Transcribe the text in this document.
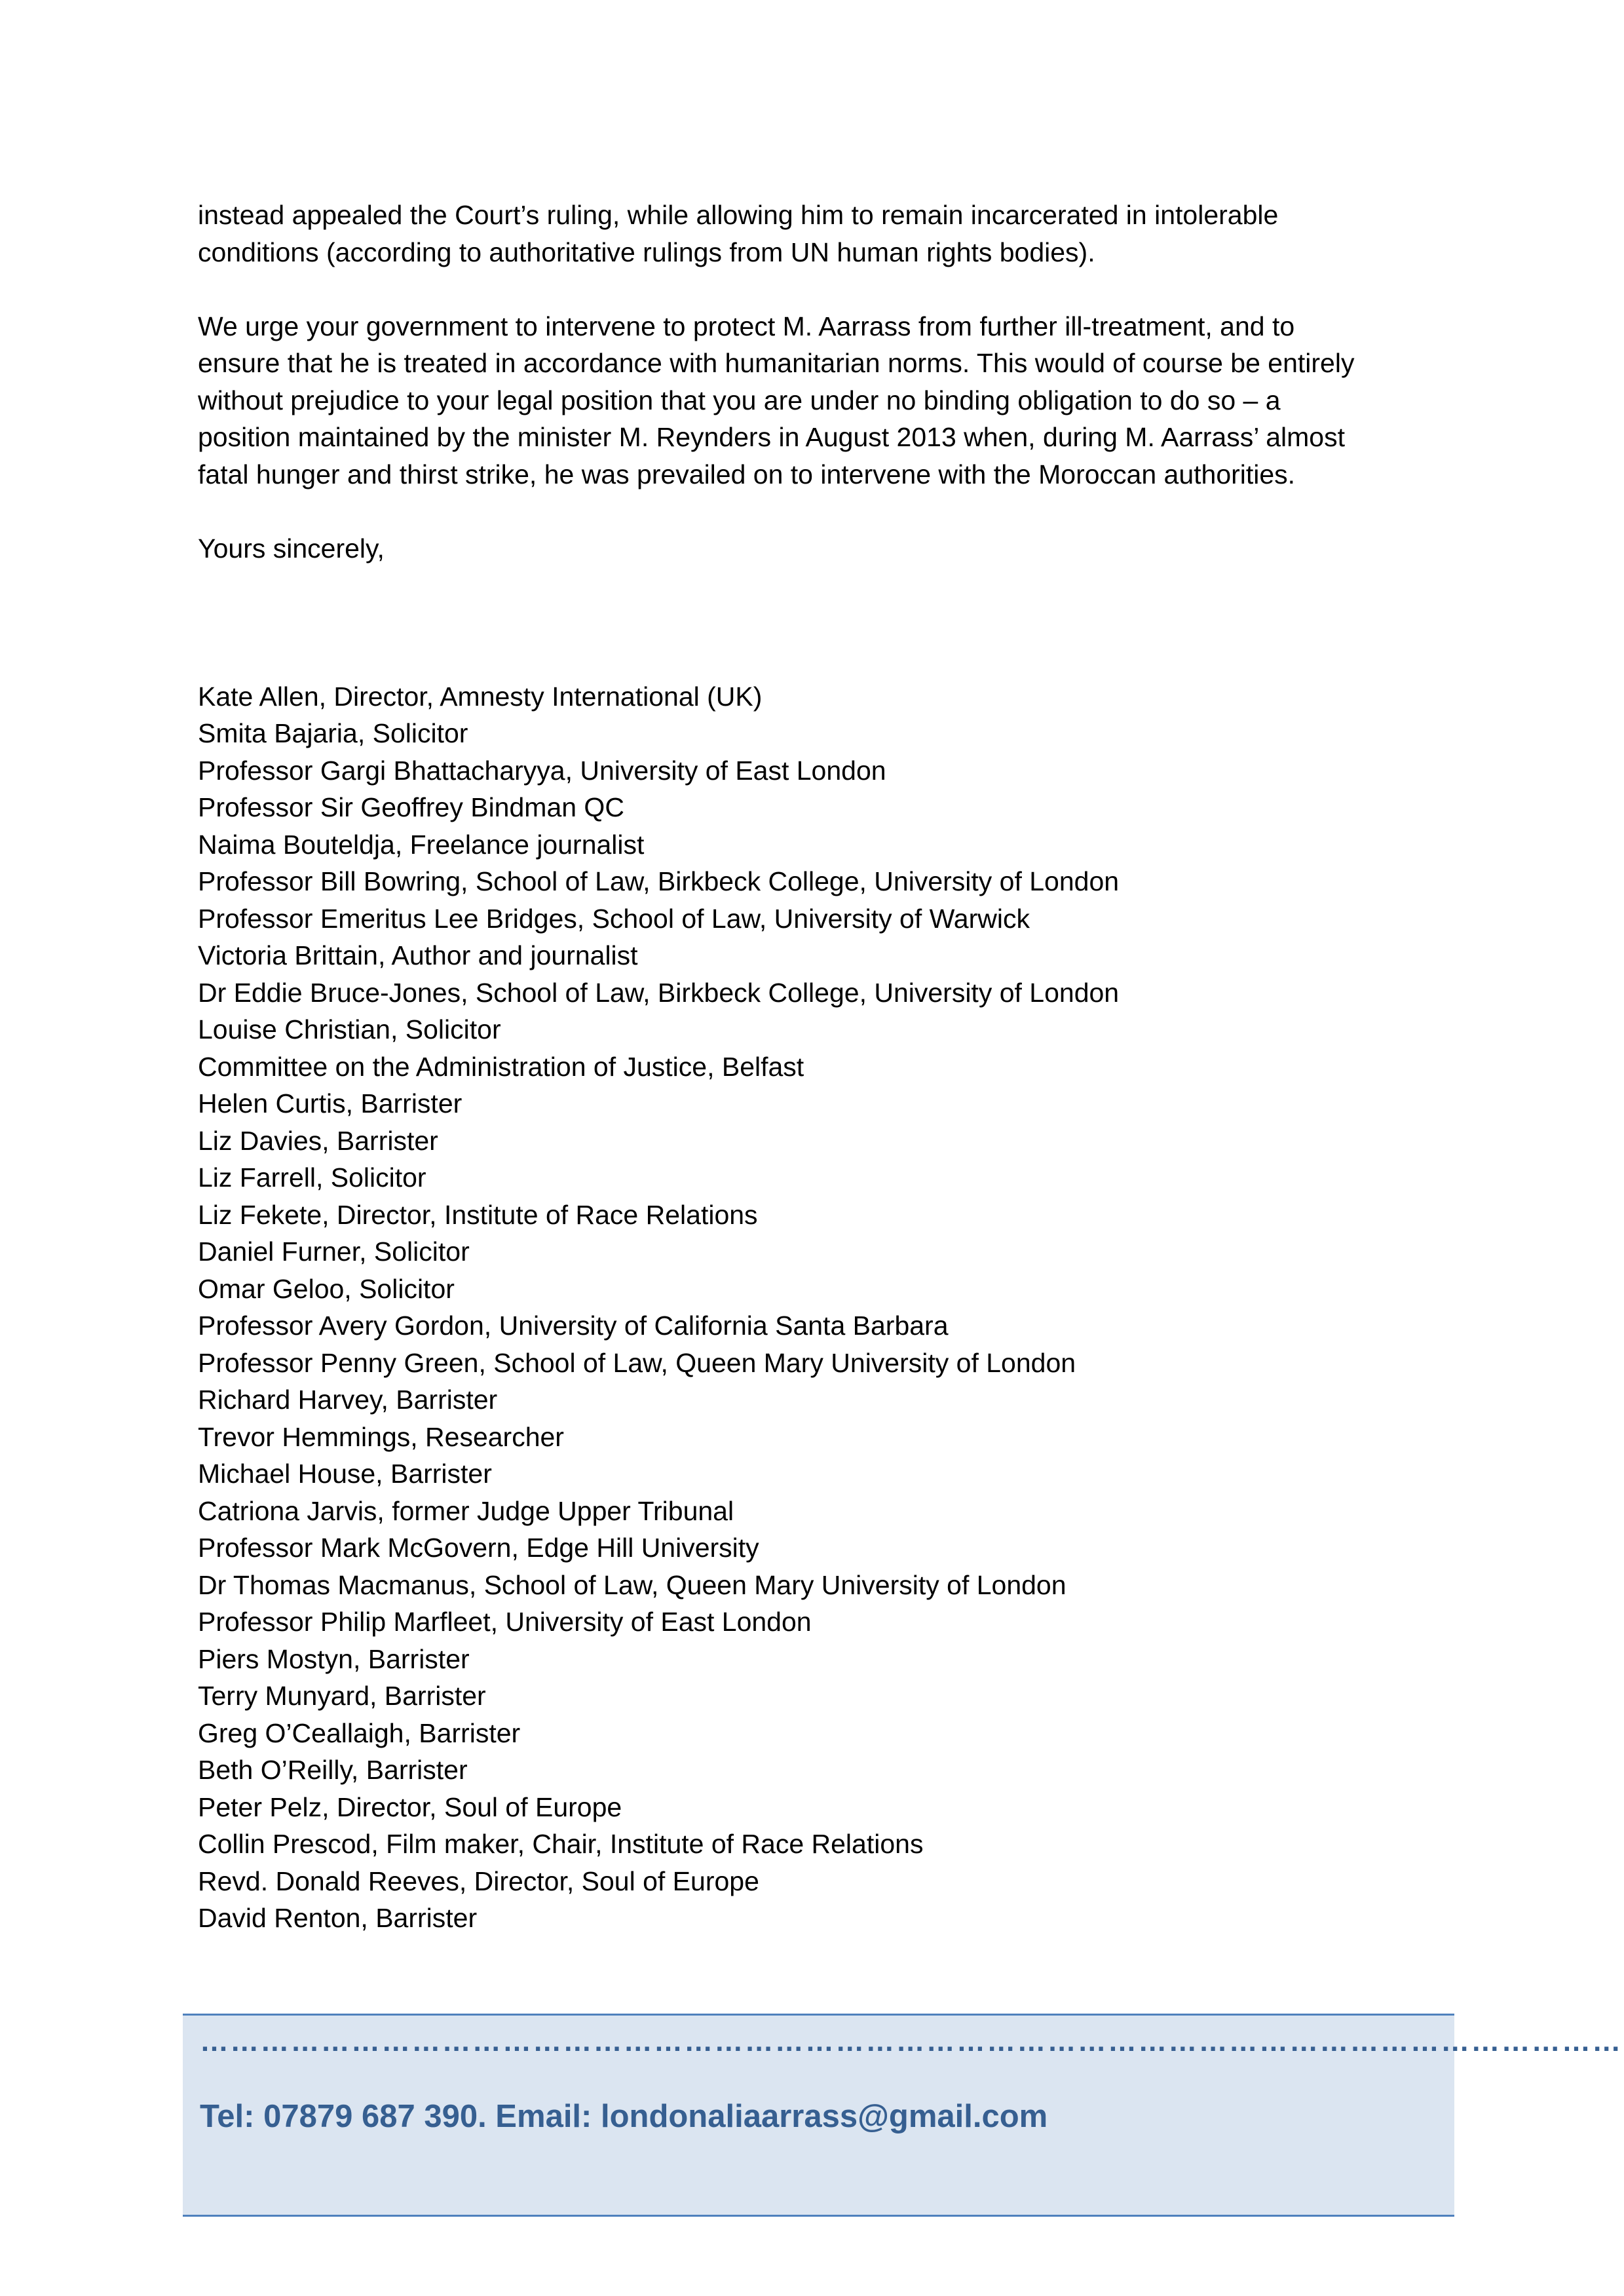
instead appealed the Court’s ruling, while allowing him to remain incarcerated in intolerable
conditions (according to authoritative rulings from UN human rights bodies).

We urge your government to intervene to protect M. Aarrass from further ill-treatment, and to
ensure that he is treated in accordance with humanitarian norms. This would of course be entirely
without prejudice to your legal position that you are under no binding obligation to do so – a
position maintained by the minister M. Reynders in August 2013 when, during M. Aarrass’ almost
fatal hunger and thirst strike, he was prevailed on to intervene with the Moroccan authorities.

Yours sincerely,

Kate Allen, Director, Amnesty International (UK)
Smita Bajaria, Solicitor
Professor Gargi Bhattacharyya, University of East London
Professor Sir Geoffrey Bindman QC
Naima Bouteldja, Freelance journalist
Professor Bill Bowring, School of Law, Birkbeck College, University of London
Professor Emeritus Lee Bridges, School of Law, University of Warwick
Victoria Brittain, Author and journalist
Dr Eddie Bruce-Jones, School of Law, Birkbeck College, University of London
Louise Christian, Solicitor
Committee on the Administration of Justice, Belfast
Helen Curtis, Barrister
Liz Davies, Barrister
Liz Farrell, Solicitor
Liz Fekete, Director, Institute of Race Relations
Daniel Furner, Solicitor
Omar Geloo, Solicitor
Professor Avery Gordon, University of California Santa Barbara
Professor Penny Green, School of Law, Queen Mary University of London
Richard Harvey, Barrister
Trevor Hemmings, Researcher
Michael House, Barrister
Catriona Jarvis, former Judge Upper Tribunal
Professor Mark McGovern, Edge Hill University
Dr Thomas Macmanus, School of Law, Queen Mary University of London
Professor Philip Marfleet, University of East London
Piers Mostyn, Barrister
Terry Munyard, Barrister
Greg O’Ceallaigh, Barrister
Beth O’Reilly, Barrister
Peter Pelz, Director, Soul of Europe
Collin Prescod, Film maker, Chair, Institute of Race Relations
Revd. Donald Reeves, Director, Soul of Europe
David Renton, Barrister
……………………………………………………………………………………………………………………………
Tel: 07879 687 390. Email: londonaliaarrass@gmail.com
